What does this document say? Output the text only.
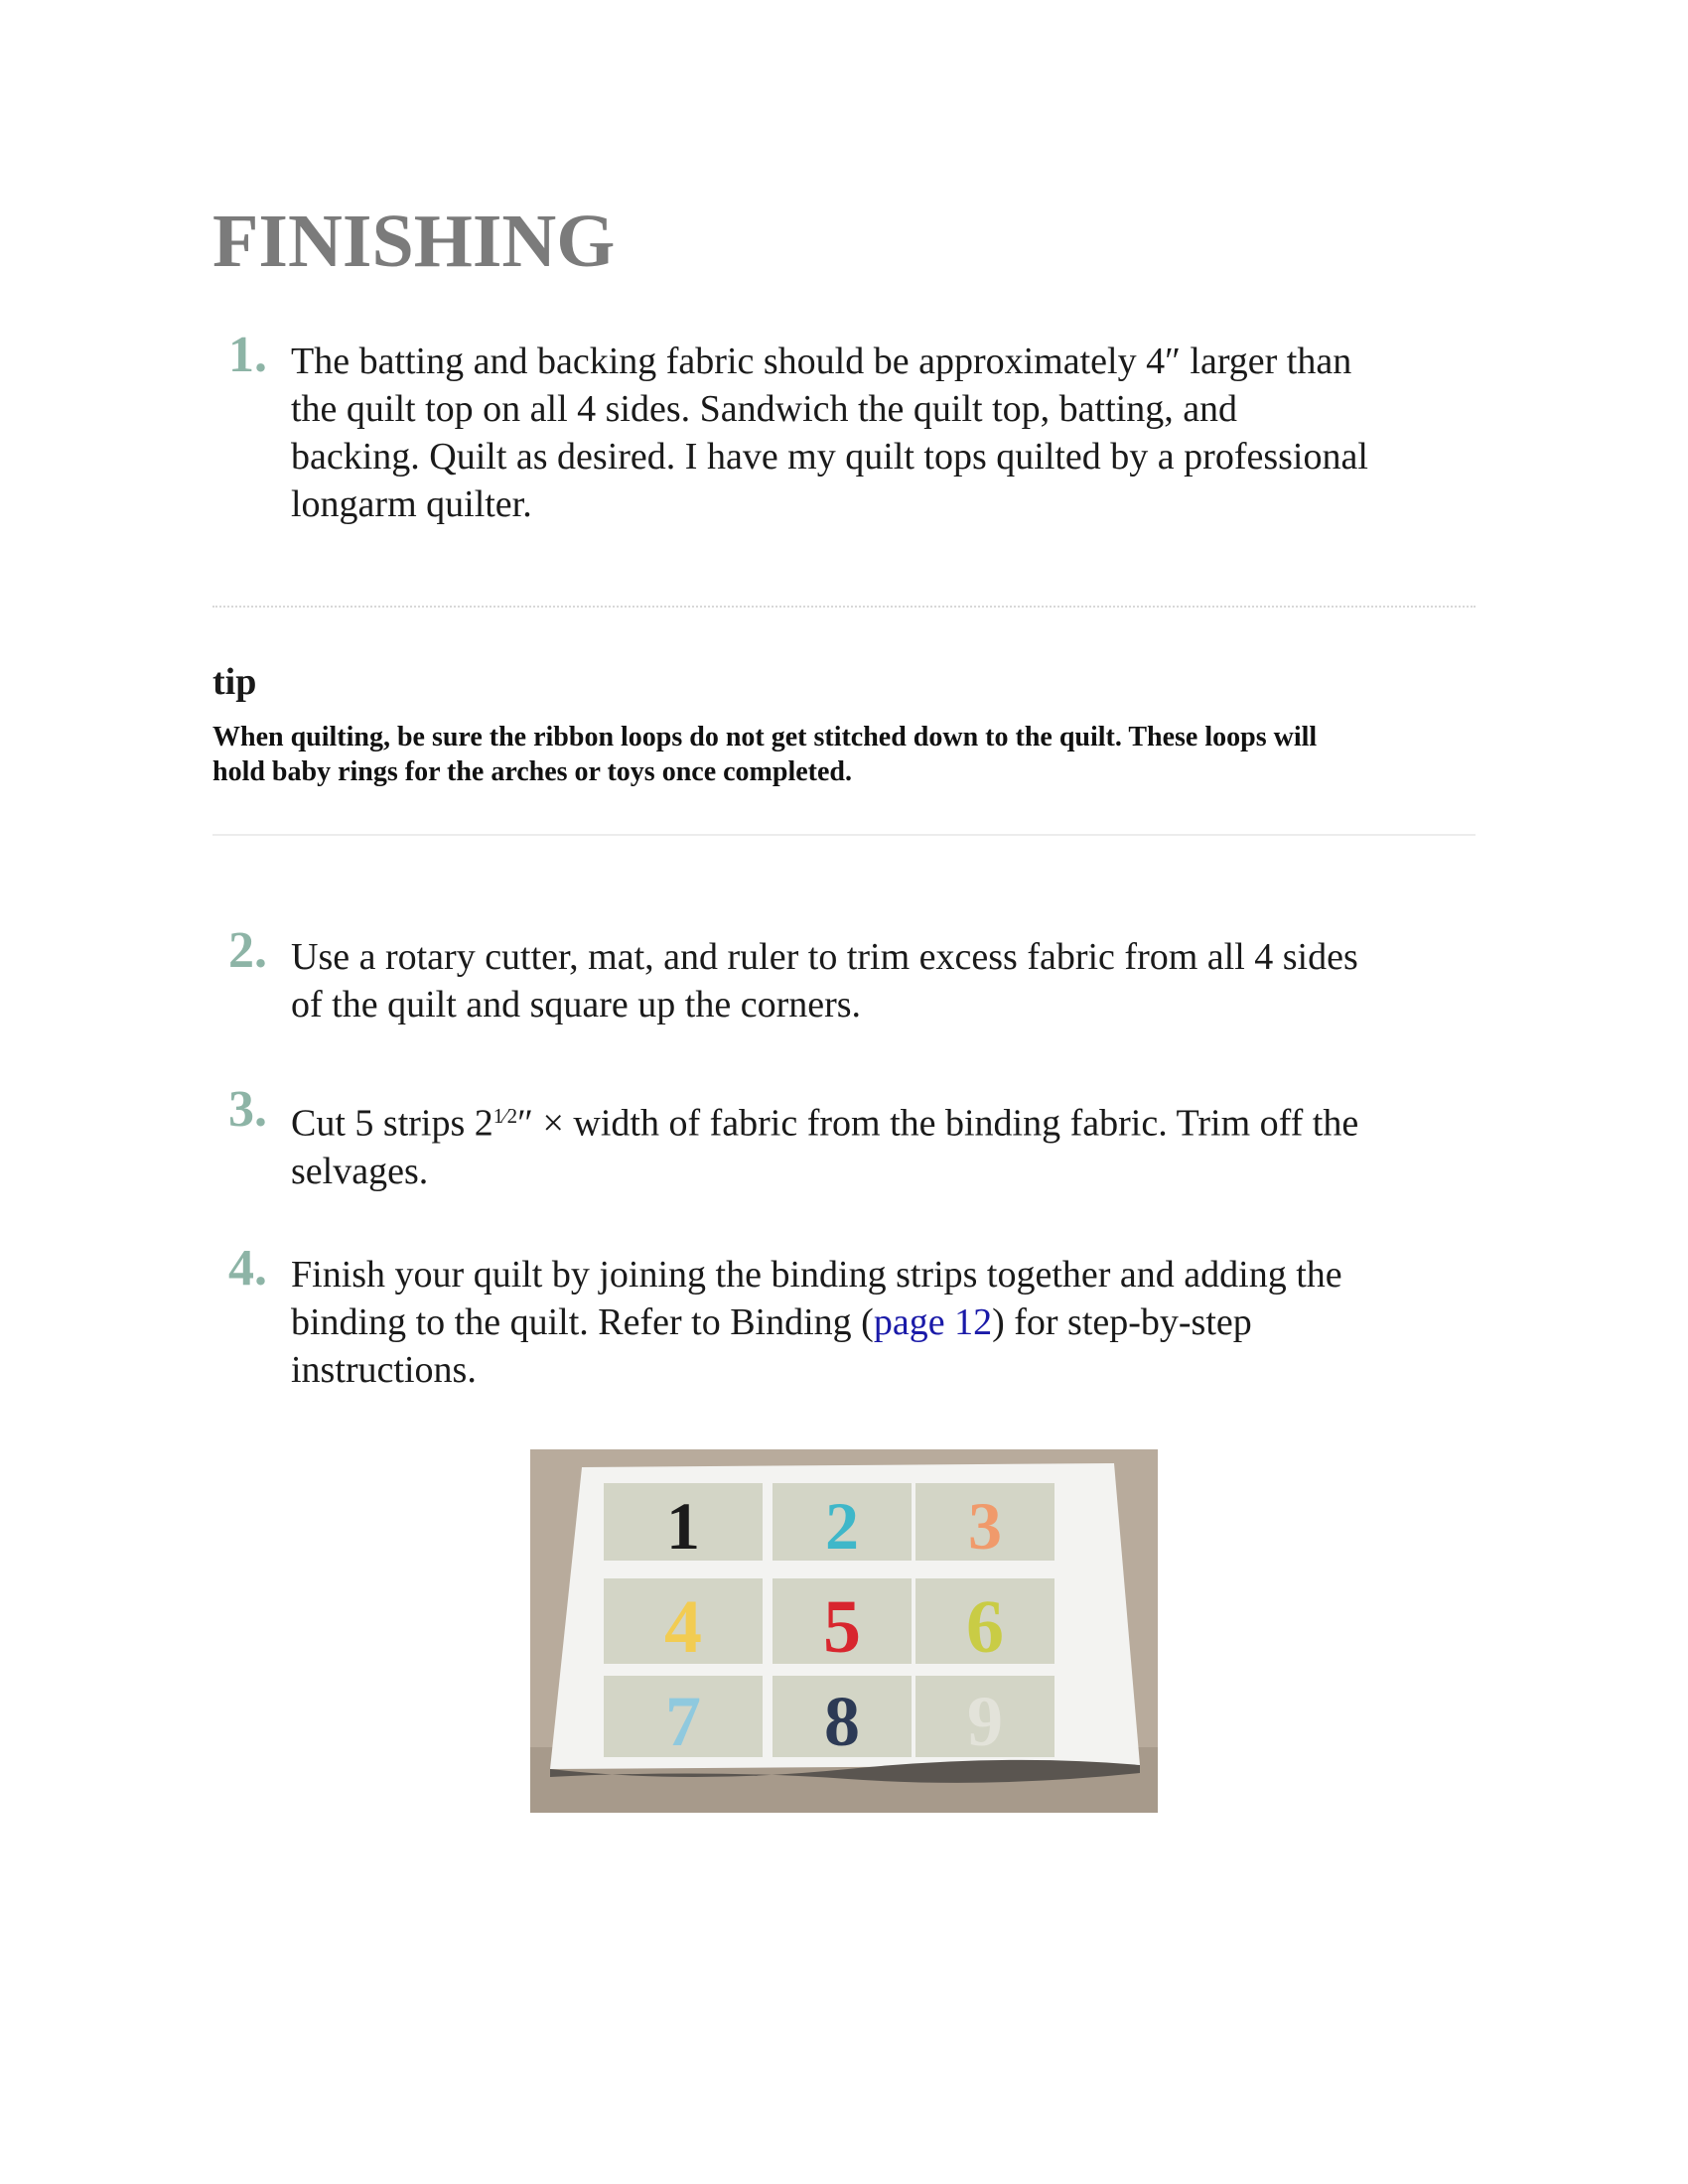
FINISHING
1. The batting and backing fabric should be approximately 4″ larger than
the quilt top on all 4 sides. Sandwich the quilt top, batting, and
backing. Quilt as desired. I have my quilt tops quilted by a professional
longarm quilter.

tip

When quilting, be sure the ribbon loops do not get stitched down to the quilt. These loops will
hold baby rings for the arches or toys once completed.

2. Use a rotary cutter, mat, and ruler to trim excess fabric from all 4 sides
of the quilt and square up the corners.

3. Cut 5 strips $2^{1⁄2}''$ × width of fabric from the binding fabric. Trim off the
selvages.

4. Finish your quilt by joining the binding strips together and adding the
binding to the quilt. Refer to Binding (page 12) for step-by-step
instructions.

1 2 3
4 5 6
7 8 9
